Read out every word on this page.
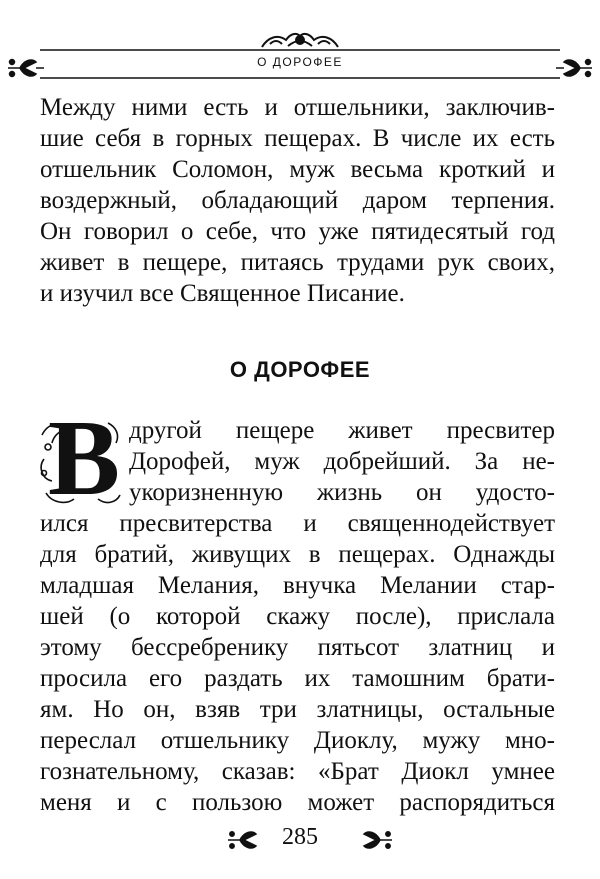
О ДОРОФЕЕ
Между ними есть и отшельники, заключив-
шие себя в горных пещерах. В числе их есть
отшельник Соломон, муж весьма кроткий и
воздержный, обладающий даром терпения.
Он говорил о себе, что уже пятидесятый год
живет в пещере, питаясь трудами рук своих,
и изучил все Священное Писание.
О ДОРОФЕЕ
В другой пещере живет пресвитер
Дорофей, муж добрейший. За не-
укоризненную жизнь он удосто-
ился пресвитерства и священнодействует
для братий, живущих в пещерах. Однажды
младшая Мелания, внучка Мелании стар-
шей (о которой скажу после), прислала
этому бессребренику пятьсот златниц и
просила его раздать их тамошним брати-
ям. Но он, взяв три златницы, остальные
переслал отшельнику Диоклу, мужу мно-
гознательному, сказав: «Брат Диокл умнее
меня и с пользою может распорядиться
285
